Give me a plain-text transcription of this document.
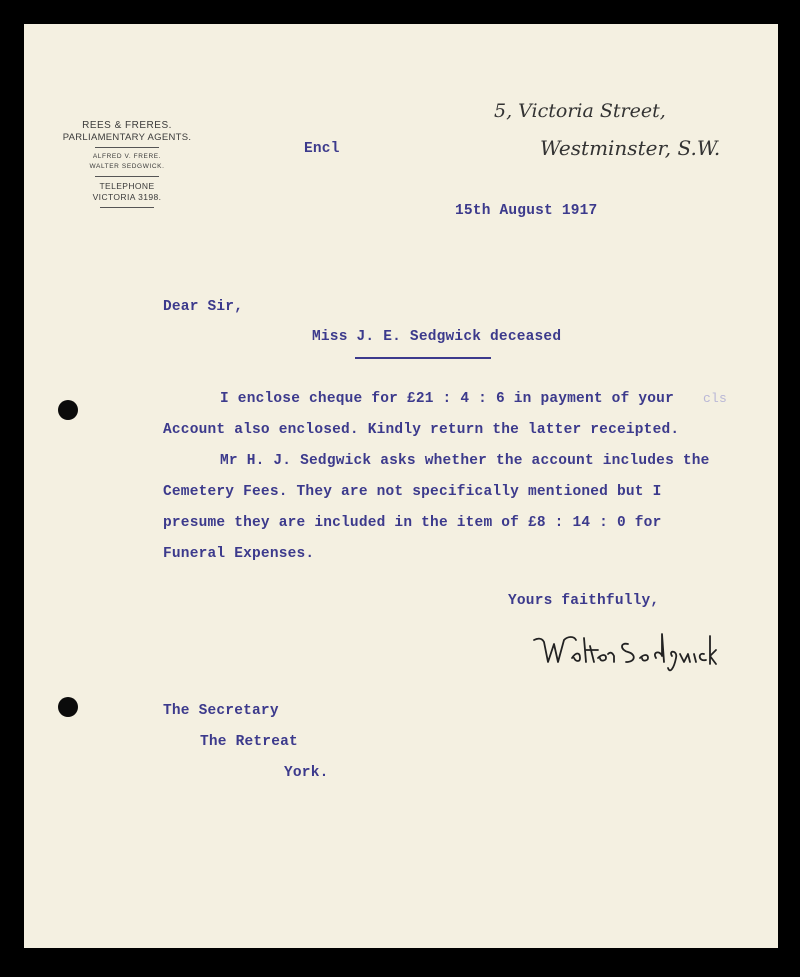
REES & FRERES.
PARLIAMENTARY AGENTS.
ALFRED V. FRERE.
WALTER SEDGWICK.
TELEPHONE
VICTORIA 3198.
5, Victoria Street,
Westminster, S.W.
Encl
15th August 1917
Dear Sir,
Miss J. E. Sedgwick deceased
I enclose cheque for £21 : 4 : 6 in payment of your cls
Account also enclosed. Kindly return the latter receipted.
Mr H. J. Sedgwick asks whether the account includes the
Cemetery Fees. They are not specifically mentioned but I
presume they are included in the item of £8 : 14 : 0 for
Funeral Expenses.
Yours faithfully,
The Secretary
The Retreat
York.
